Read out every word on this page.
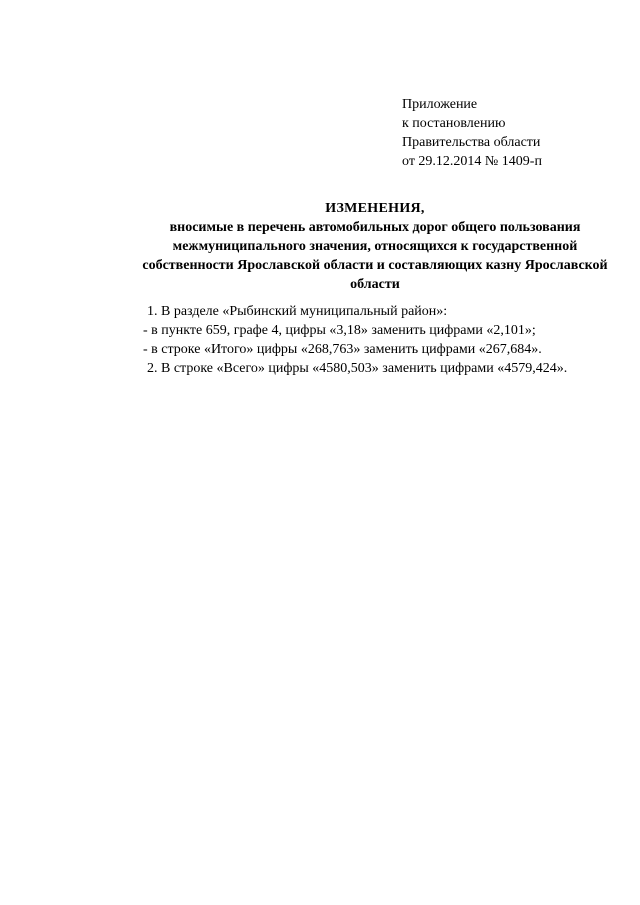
Приложение
к постановлению
Правительства области
от 29.12.2014 № 1409-п
ИЗМЕНЕНИЯ,
вносимые в перечень автомобильных дорог общего пользования
межмуниципального значения, относящихся к государственной
собственности Ярославской области и составляющих казну Ярославской
области
1. В разделе «Рыбинский муниципальный район»:
- в пункте 659, графе 4, цифры «3,18» заменить цифрами «2,101»;
- в строке «Итого» цифры «268,763» заменить цифрами «267,684».
2. В строке «Всего» цифры «4580,503» заменить цифрами «4579,424».
